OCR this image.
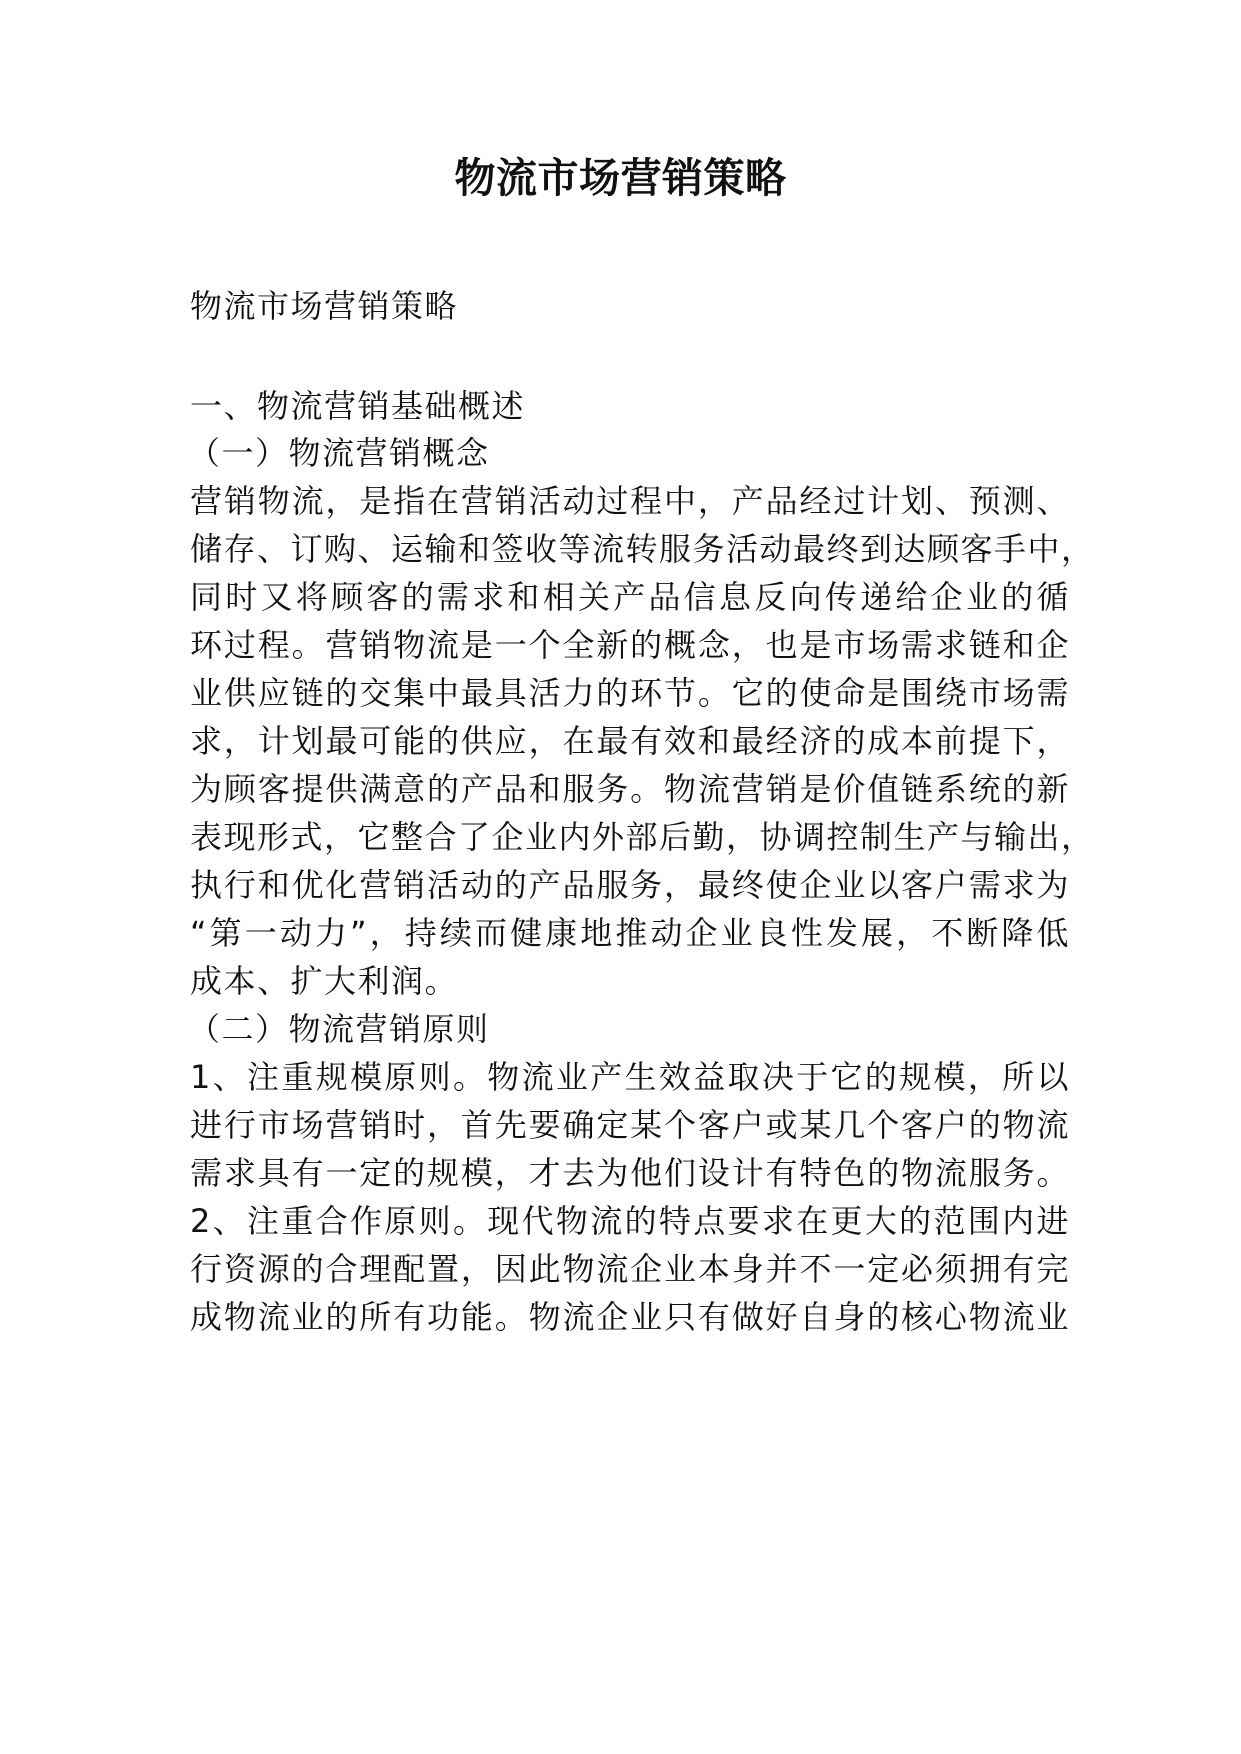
物流市场营销策略
物流市场营销策略
一、物流营销基础概述
（一）物流营销概念
营销物流，是指在营销活动过程中，产品经过计划、预测、
储存、订购、运输和签收等流转服务活动最终到达顾客手中，
同时又将顾客的需求和相关产品信息反向传递给企业的循
环过程。营销物流是一个全新的概念，也是市场需求链和企
业供应链的交集中最具活力的环节。它的使命是围绕市场需
求，计划最可能的供应，在最有效和最经济的成本前提下，
为顾客提供满意的产品和服务。物流营销是价值链系统的新
表现形式，它整合了企业内外部后勤，协调控制生产与输出，
执行和优化营销活动的产品服务，最终使企业以客户需求为
“第一动力”，持续而健康地推动企业良性发展，不断降低
成本、扩大利润。
（二）物流营销原则
1、注重规模原则。物流业产生效益取决于它的规模，所以
进行市场营销时，首先要确定某个客户或某几个客户的物流
需求具有一定的规模，才去为他们设计有特色的物流服务。
2、注重合作原则。现代物流的特点要求在更大的范围内进
行资源的合理配置，因此物流企业本身并不一定必须拥有完
成物流业的所有功能。物流企业只有做好自身的核心物流业
